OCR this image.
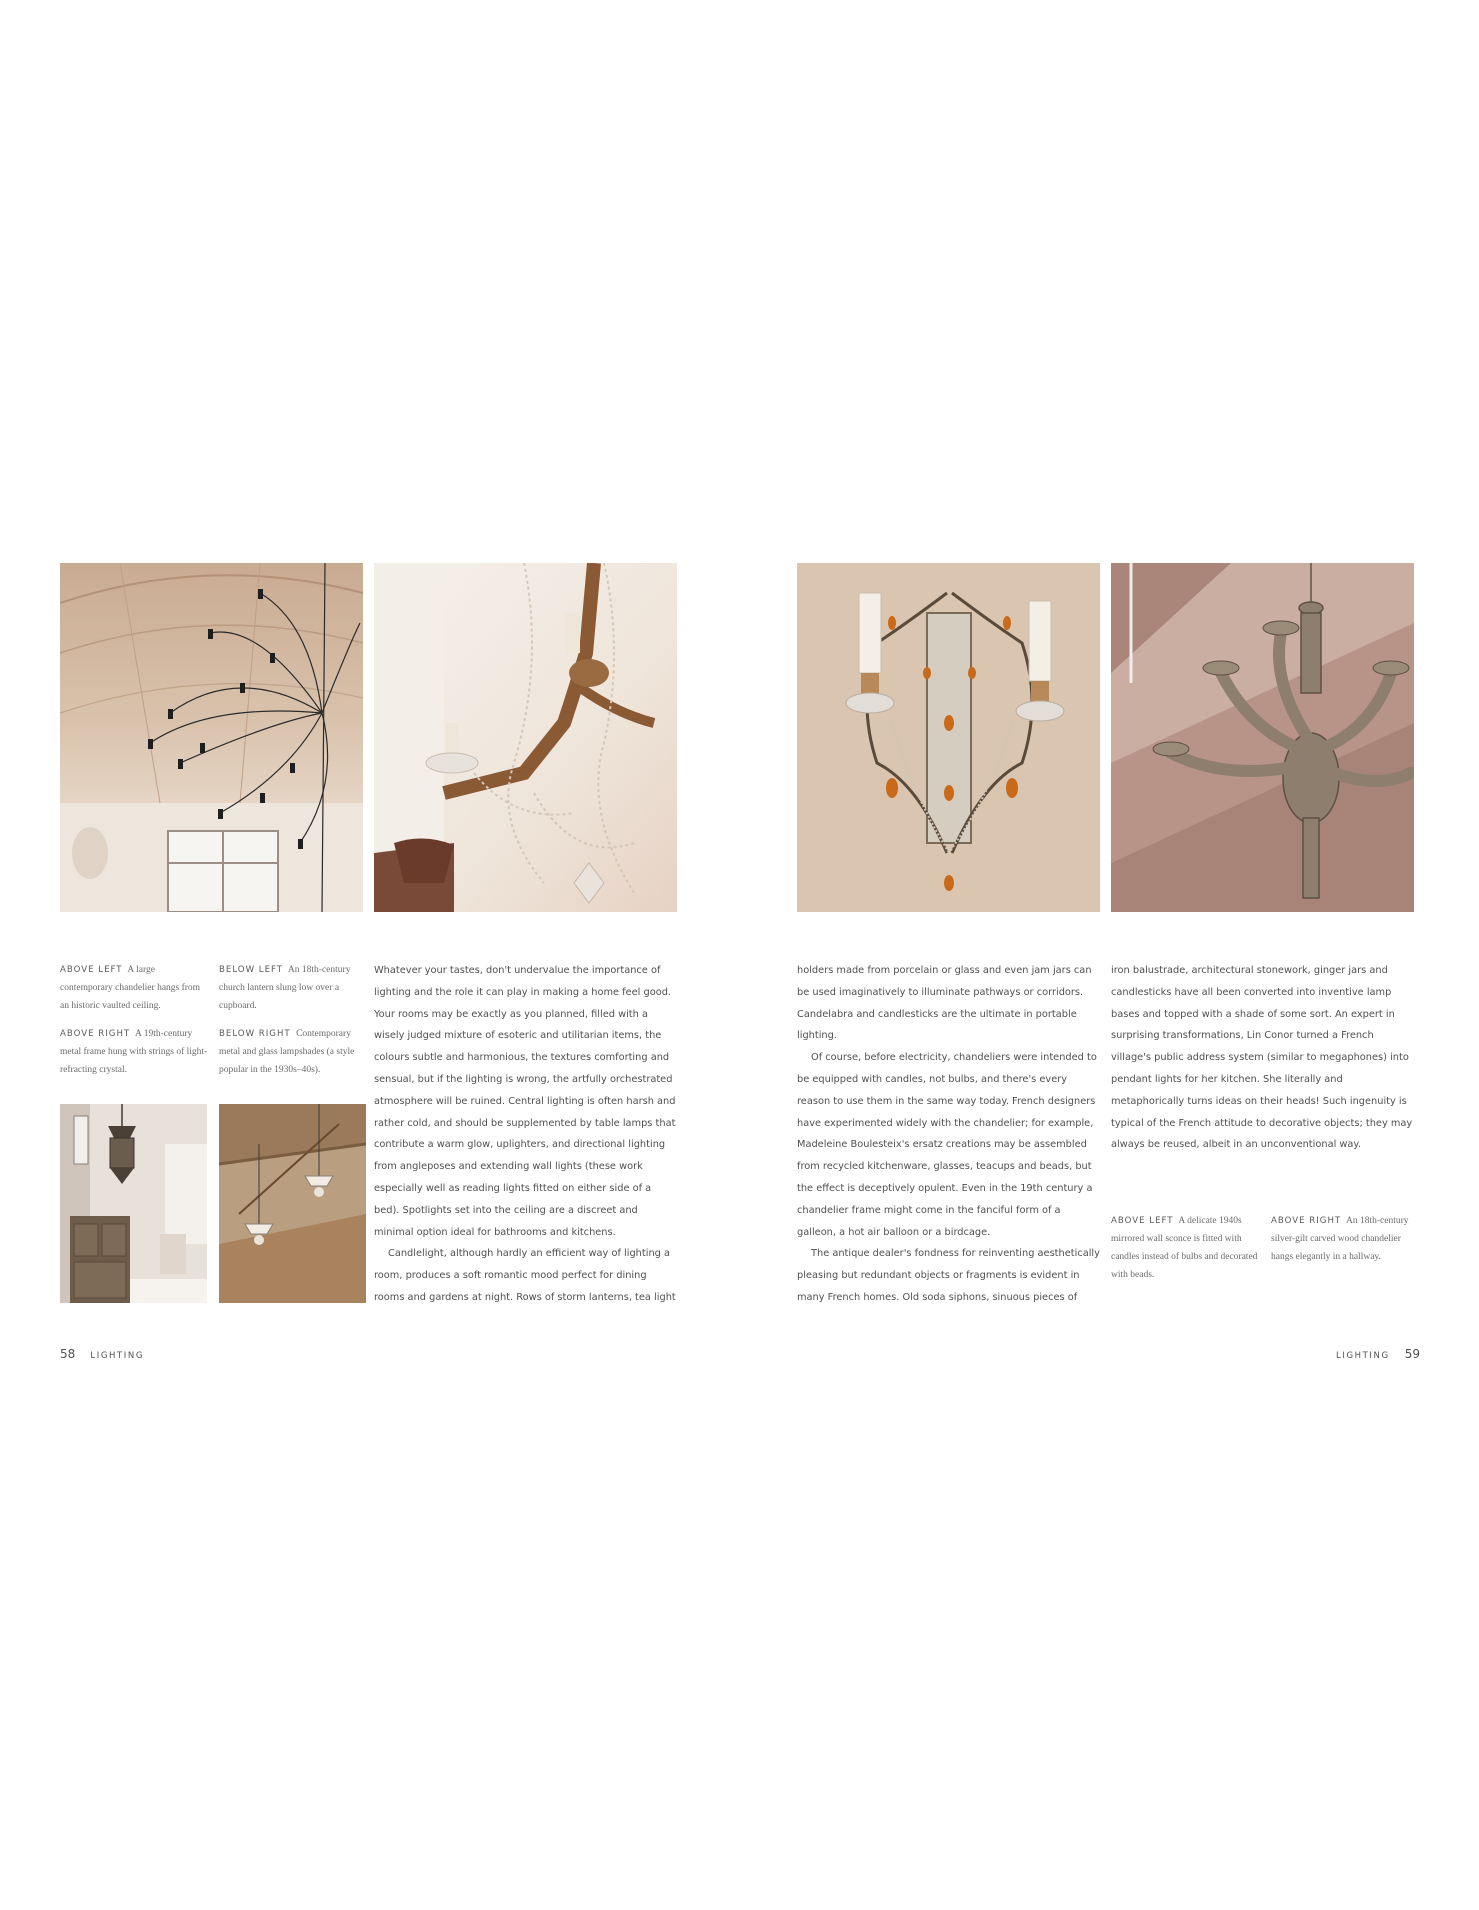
ABOVE LEFT A large contemporary chandelier hangs from an historic vaulted ceiling.
ABOVE RIGHT A 19th-century metal frame hung with strings of light-refracting crystal.
BELOW LEFT An 18th-century church lantern slung low over a cupboard.
BELOW RIGHT Contemporary metal and glass lampshades (a style popular in the 1930s–40s).

Whatever your tastes, don't undervalue the importance of lighting and the role it can play in making a home feel good. Your rooms may be exactly as you planned, filled with a wisely judged mixture of esoteric and utilitarian items, the colours subtle and harmonious, the textures comforting and sensual, but if the lighting is wrong, the artfully orchestrated atmosphere will be ruined. Central lighting is often harsh and rather cold, and should be supplemented by table lamps that contribute a warm glow, uplighters, and directional lighting from angleposes and extending wall lights (these work especially well as reading lights fitted on either side of a bed). Spotlights set into the ceiling are a discreet and minimal option ideal for bathrooms and kitchens.

Candlelight, although hardly an efficient way of lighting a room, produces a soft romantic mood perfect for dining rooms and gardens at night. Rows of storm lanterns, tea light

58 LIGHTING

holders made from porcelain or glass and even jam jars can be used imaginatively to illuminate pathways or corridors. Candelabra and candlesticks are the ultimate in portable lighting.

Of course, before electricity, chandeliers were intended to be equipped with candles, not bulbs, and there's every reason to use them in the same way today. French designers have experimented widely with the chandelier; for example, Madeleine Boulesteix's ersatz creations may be assembled from recycled kitchenware, glasses, teacups and beads, but the effect is deceptively opulent. Even in the 19th century a chandelier frame might come in the fanciful form of a galleon, a hot air balloon or a birdcage.

The antique dealer's fondness for reinventing aesthetically pleasing but redundant objects or fragments is evident in many French homes. Old soda siphons, sinuous pieces of

iron balustrade, architectural stonework, ginger jars and candlesticks have all been converted into inventive lamp bases and topped with a shade of some sort. An expert in surprising transformations, Lin Conor turned a French village's public address system (similar to megaphones) into pendant lights for her kitchen. She literally and metaphorically turns ideas on their heads! Such ingenuity is typical of the French attitude to decorative objects; they may always be reused, albeit in an unconventional way.

ABOVE LEFT A delicate 1940s mirrored wall sconce is fitted with candles instead of bulbs and decorated with beads.
ABOVE RIGHT An 18th-century silver-gilt carved wood chandelier hangs elegantly in a hallway.
LIGHTING 59
